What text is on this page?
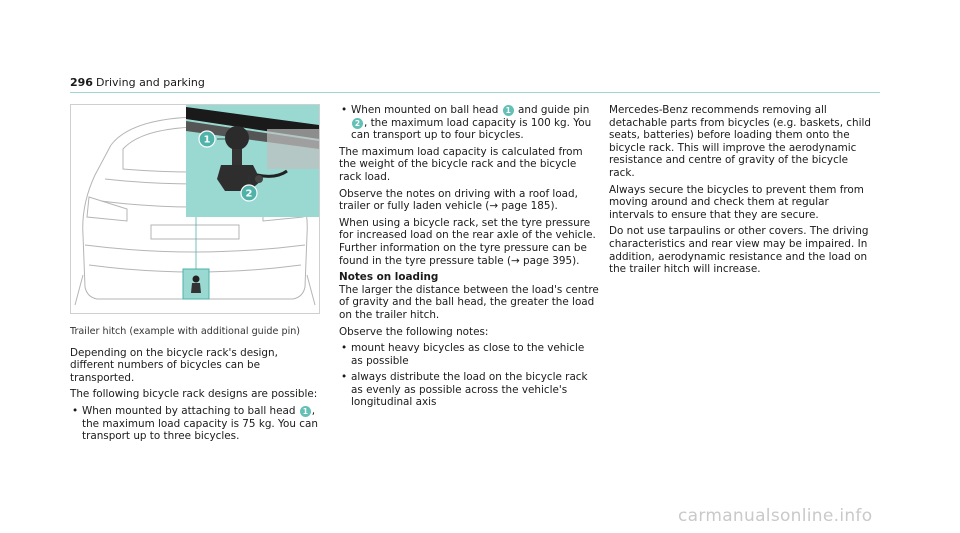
296 Driving and parking
1
2

Trailer hitch (example with additional guide pin)

Depending on the bicycle rack's design, different numbers of bicycles can be transported.

The following bicycle rack designs are possible:

• When mounted by attaching to ball head 1 , the maximum load capacity is 75 kg. You can transport up to three bicycles.
• When mounted on ball head 1 and guide pin 2 , the maximum load capacity is 100 kg. You can transport up to four bicycles.

The maximum load capacity is calculated from the weight of the bicycle rack and the bicycle rack load.

Observe the notes on driving with a roof load, trailer or fully laden vehicle (→ page 185).

When using a bicycle rack, set the tyre pressure for increased load on the rear axle of the vehicle. Further information on the tyre pressure can be found in the tyre pressure table (→ page 395).

Notes on loading

The larger the distance between the load's centre of gravity and the ball head, the greater the load on the trailer hitch.

Observe the following notes:

• mount heavy bicycles as close to the vehicle as possible
• always distribute the load on the bicycle rack as evenly as possible across the vehicle's longitudinal axis

Mercedes-Benz recommends removing all detachable parts from bicycles (e.g. baskets, child seats, batteries) before loading them onto the bicycle rack. This will improve the aerodynamic resistance and centre of gravity of the bicycle rack.

Always secure the bicycles to prevent them from moving around and check them at regular intervals to ensure that they are secure.

Do not use tarpaulins or other covers. The driving characteristics and rear view may be impaired. In addition, aerodynamic resistance and the load on the trailer hitch will increase.

carmanualsonline.info
